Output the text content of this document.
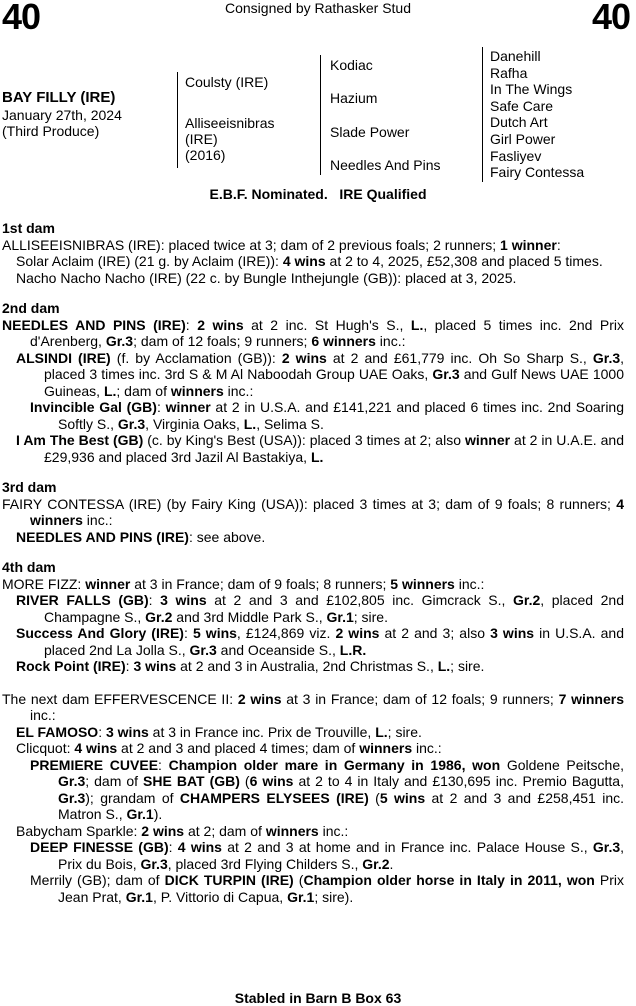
40	Consigned by Rathasker Stud	40
BAY FILLY (IRE)
January 27th, 2024
(Third Produce)
Coulsty (IRE)
Alliseeisnibras
(IRE)
(2016)
Kodiac
Hazium
Slade Power
Needles And Pins
Danehill
Rafha
In The Wings
Safe Care
Dutch Art
Girl Power
Fasliyev
Fairy Contessa
E.B.F. Nominated.   IRE Qualified
1st dam
ALLISEEISNIBRAS (IRE): placed twice at 3; dam of 2 previous foals; 2 runners; 1 winner:
Solar Aclaim (IRE) (21 g. by Aclaim (IRE)): 4 wins at 2 to 4, 2025, £52,308 and placed 5 times.
Nacho Nacho Nacho (IRE) (22 c. by Bungle Inthejungle (GB)): placed at 3, 2025.
2nd dam
NEEDLES AND PINS (IRE): 2 wins at 2 inc. St Hugh's S., L., placed 5 times inc. 2nd Prix d'Arenberg, Gr.3; dam of 12 foals; 9 runners; 6 winners inc.:
ALSINDI (IRE) (f. by Acclamation (GB)): 2 wins at 2 and £61,779 inc. Oh So Sharp S., Gr.3, placed 3 times inc. 3rd S & M Al Naboodah Group UAE Oaks, Gr.3 and Gulf News UAE 1000 Guineas, L.; dam of winners inc.:
Invincible Gal (GB): winner at 2 in U.S.A. and £141,221 and placed 6 times inc. 2nd Soaring Softly S., Gr.3, Virginia Oaks, L., Selima S.
I Am The Best (GB) (c. by King's Best (USA)): placed 3 times at 2; also winner at 2 in U.A.E. and £29,936 and placed 3rd Jazil Al Bastakiya, L.
3rd dam
FAIRY CONTESSA (IRE) (by Fairy King (USA)): placed 3 times at 3; dam of 9 foals; 8 runners; 4 winners inc.:
NEEDLES AND PINS (IRE): see above.
4th dam
MORE FIZZ: winner at 3 in France; dam of 9 foals; 8 runners; 5 winners inc.:
RIVER FALLS (GB): 3 wins at 2 and 3 and £102,805 inc. Gimcrack S., Gr.2, placed 2nd Champagne S., Gr.2 and 3rd Middle Park S., Gr.1; sire.
Success And Glory (IRE): 5 wins, £124,869 viz. 2 wins at 2 and 3; also 3 wins in U.S.A. and placed 2nd La Jolla S., Gr.3 and Oceanside S., L.R.
Rock Point (IRE): 3 wins at 2 and 3 in Australia, 2nd Christmas S., L.; sire.
The next dam EFFERVESCENCE II: 2 wins at 3 in France; dam of 12 foals; 9 runners; 7 winners inc.:
EL FAMOSO: 3 wins at 3 in France inc. Prix de Trouville, L.; sire.
Clicquot: 4 wins at 2 and 3 and placed 4 times; dam of winners inc.:
PREMIERE CUVEE: Champion older mare in Germany in 1986, won Goldene Peitsche, Gr.3; dam of SHE BAT (GB) (6 wins at 2 to 4 in Italy and £130,695 inc. Premio Bagutta, Gr.3); grandam of CHAMPERS ELYSEES (IRE) (5 wins at 2 and 3 and £258,451 inc. Matron S., Gr.1).
Babycham Sparkle: 2 wins at 2; dam of winners inc.:
DEEP FINESSE (GB): 4 wins at 2 and 3 at home and in France inc. Palace House S., Gr.3, Prix du Bois, Gr.3, placed 3rd Flying Childers S., Gr.2.
Merrily (GB); dam of DICK TURPIN (IRE) (Champion older horse in Italy in 2011, won Prix Jean Prat, Gr.1, P. Vittorio di Capua, Gr.1; sire).
Stabled in Barn B Box 63
